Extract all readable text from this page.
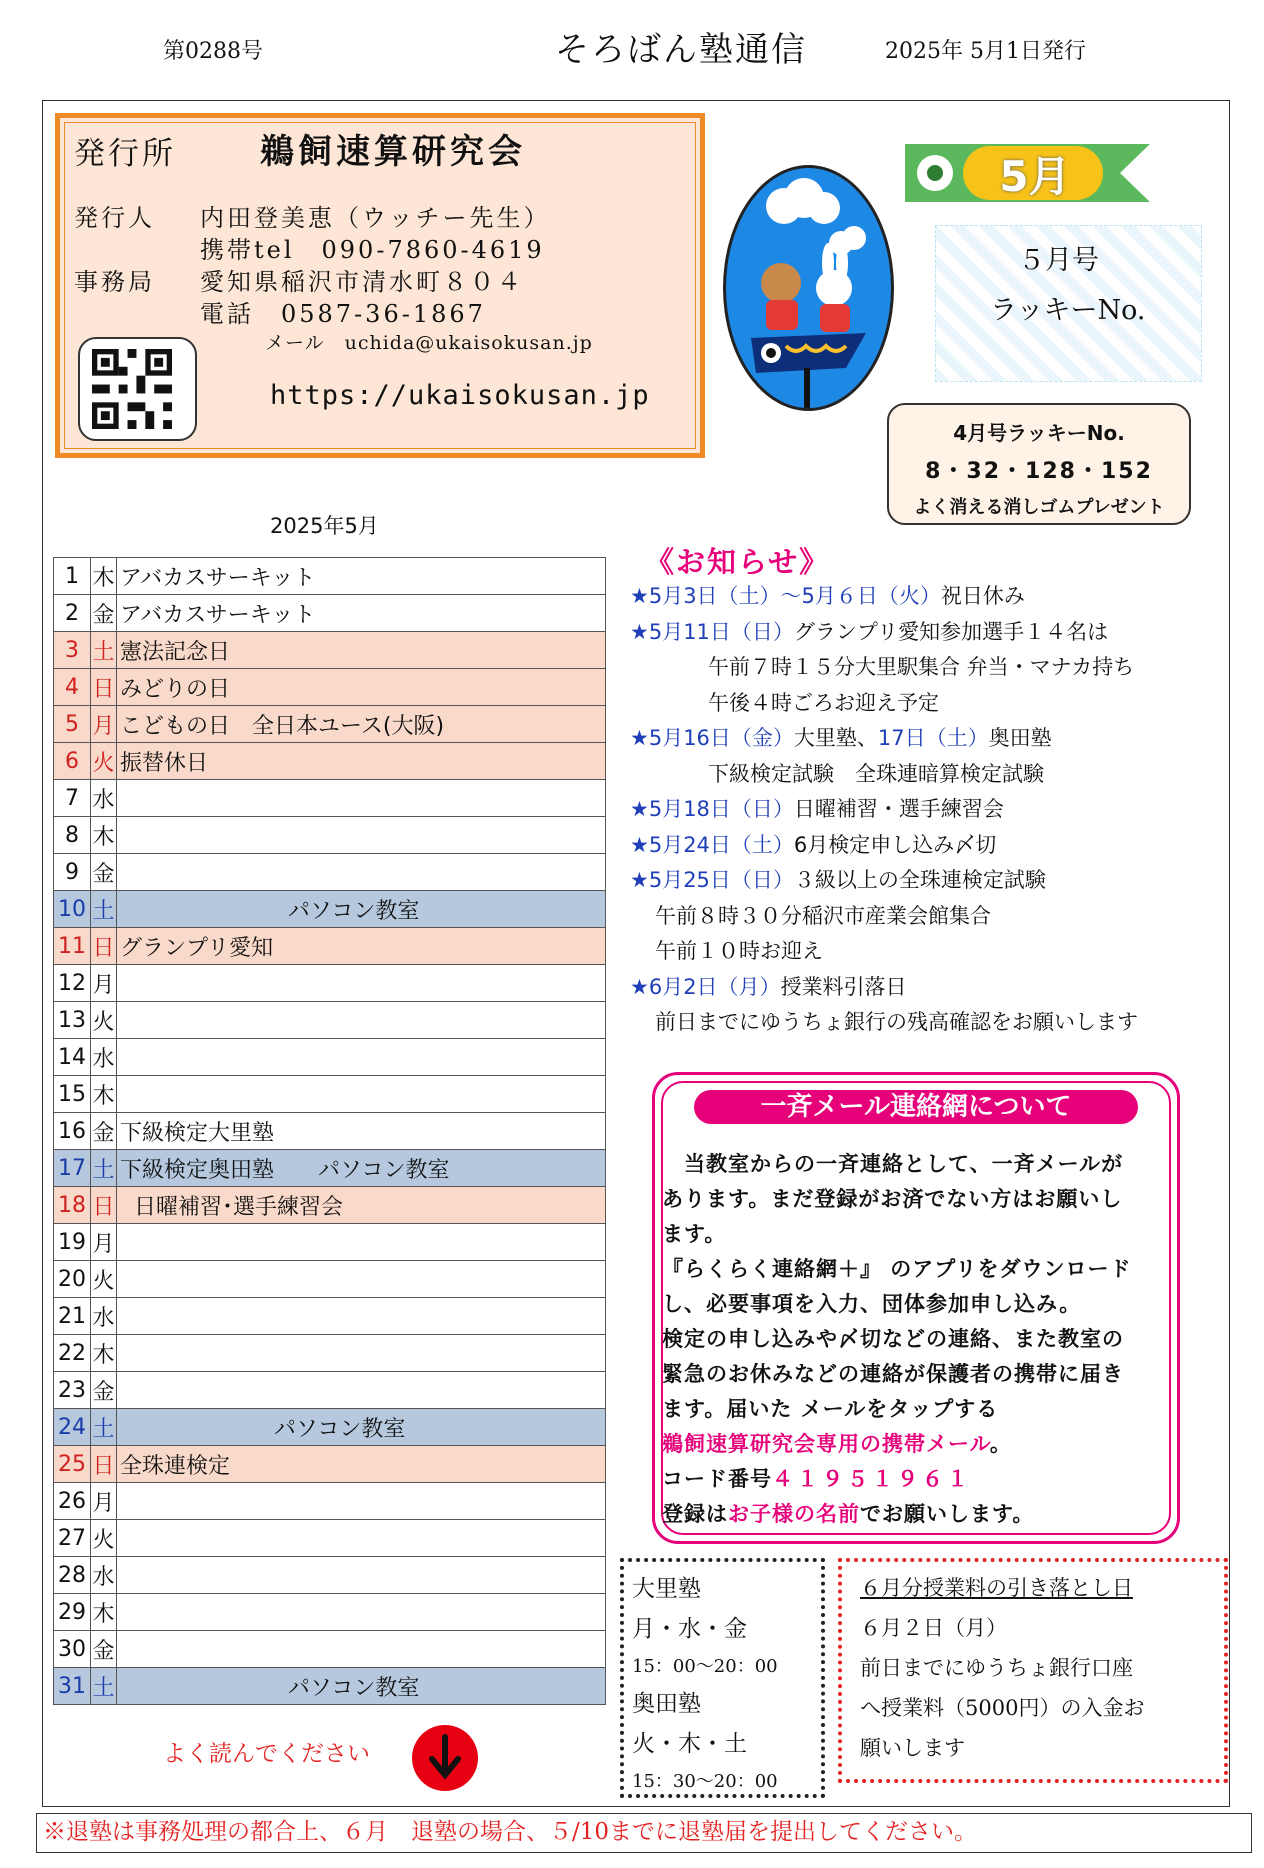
第0288号	そろばん塾通信	2025年 5月1日発行
発行所 鵜飼速算研究会
発行人 内田登美恵（ウッチー先生）
携帯tel　090-7860-4619
事務局 愛知県稲沢市清水町８０４
電話　0587-36-1867
メール　uchida@ukaisokusan.jp
https://ukaisokusan.jp
5月
５月号
ラッキーNo.
4月号ラッキーNo.
8・32・128・152
よく消える消しゴムプレゼント
2025年5月
1	木	アバカスサーキット
2	金	アバカスサーキット
3	土	憲法記念日
4	日	みどりの日
5	月	こどもの日　全日本ユース(大阪)
6	火	振替休日
7	水	
8	木	
9	金	
10	土	パソコン教室
11	日	グランプリ愛知
12	月	
13	火	
14	水	
15	木	
16	金	下級検定大里塾
17	土	下級検定奥田塾　　パソコン教室
18	日	日曜補習･選手練習会
19	月	
20	火	
21	水	
22	木	
23	金	
24	土	パソコン教室
25	日	全珠連検定
26	月	
27	火	
28	水	
29	木	
30	金	
31	土	パソコン教室
よく読んでください
《お知らせ》
★5月3日（土）〜5月６日（火）祝日休み
★5月11日（日）グランプリ愛知参加選手１４名は
午前７時１５分大里駅集合 弁当・マナカ持ち
午後４時ごろお迎え予定
★5月16日（金）大里塾、17日（土）奥田塾
下級検定試験　全珠連暗算検定試験
★5月18日（日）日曜補習・選手練習会
★5月24日（土）6月検定申し込み〆切
★5月25日（日）３級以上の全珠連検定試験
午前８時３０分稲沢市産業会館集合
午前１０時お迎え
★6月2日（月）授業料引落日
前日までにゆうちょ銀行の残高確認をお願いします
一斉メール連絡網について
　当教室からの一斉連絡として、一斉メールが
あります。まだ登録がお済でない方はお願いし
ます。
『らくらく連絡網＋』 のアプリをダウンロード
し、必要事項を入力、団体参加申し込み。
検定の申し込みや〆切などの連絡、また教室の
緊急のお休みなどの連絡が保護者の携帯に届き
ます。届いた メールをタップする
鵜飼速算研究会専用の携帯メール。
コード番号４１９５１９６１
登録はお子様の名前でお願いします。
大里塾
月・水・金
15：00〜20：00
奥田塾
火・木・土
15：30〜20：00
６月分授業料の引き落とし日
６月２日（月）
前日までにゆうちょ銀行口座
へ授業料（5000円）の入金お
願いします
※退塾は事務処理の都合上、６月　退塾の場合、５/10までに退塾届を提出してください。
